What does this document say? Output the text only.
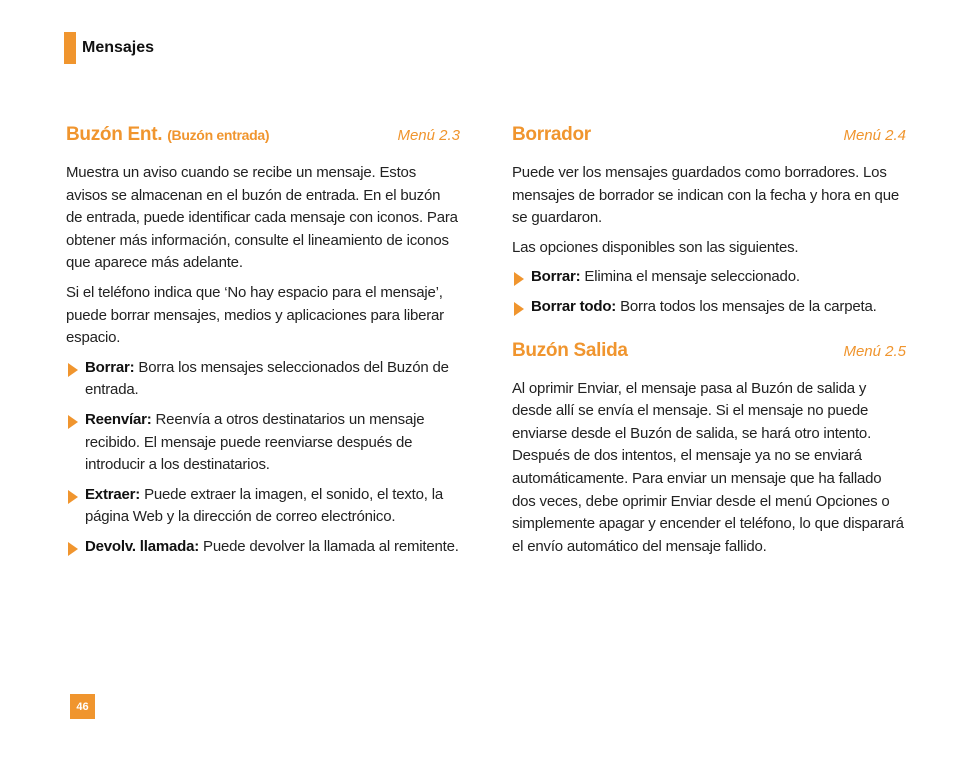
Mensajes
Buzón Ent. (Buzón entrada)	Menú 2.3

Muestra un aviso cuando se recibe un mensaje. Estos avisos se almacenan en el buzón de entrada. En el buzón de entrada, puede identificar cada mensaje con iconos. Para obtener más información, consulte el lineamiento de iconos que aparece más adelante.

Si el teléfono indica que ‘No hay espacio para el mensaje’, puede borrar mensajes, medios y aplicaciones para liberar espacio.

Borrar: Borra los mensajes seleccionados del Buzón de entrada.
Reenvíar: Reenvía a otros destinatarios un mensaje recibido. El mensaje puede reenviarse después de introducir a los destinatarios.
Extraer: Puede extraer la imagen, el sonido, el texto, la página Web y la dirección de correo electrónico.
Devolv. llamada: Puede devolver la llamada al remitente.
Borrador	Menú 2.4

Puede ver los mensajes guardados como borradores. Los mensajes de borrador se indican con la fecha y hora en que se guardaron.

Las opciones disponibles son las siguientes.

Borrar: Elimina el mensaje seleccionado.
Borrar todo: Borra todos los mensajes de la carpeta.
Buzón Salida	Menú 2.5

Al oprimir Enviar, el mensaje pasa al Buzón de salida y desde allí se envía el mensaje. Si el mensaje no puede enviarse desde el Buzón de salida, se hará otro intento. Después de dos intentos, el mensaje ya no se enviará automáticamente. Para enviar un mensaje que ha fallado dos veces, debe oprimir Enviar desde el menú Opciones o simplemente apagar y encender el teléfono, lo que disparará el envío automático del mensaje fallido.

46
